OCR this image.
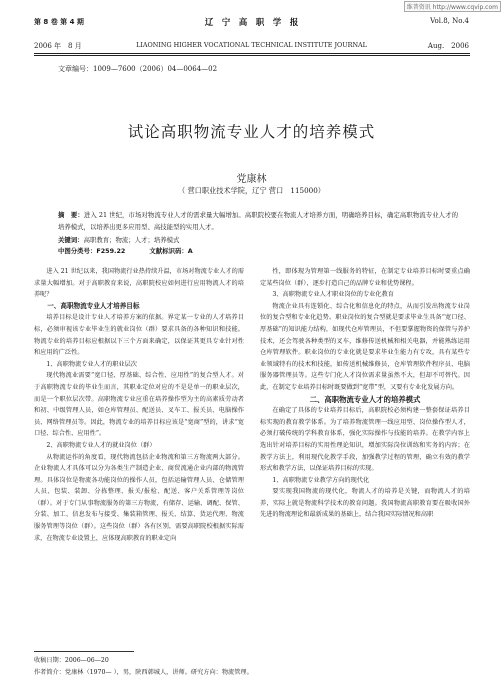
维普资讯 http://www.cqvip.com
第 8 卷 第 4 期	辽　宁　高　职　学　报	Vol.8, No.4
2006 年　8 月	LIAONING HIGHER VOCATIONAL TECHNICAL INSTITUTE JOURNAL	Aug.　2006
文章编号：1009—7600（2006）04—0064—02
试论高职物流专业人才的培养模式
党康林
（ 营口职业技术学院，辽宁 营口　115000）
摘　要：进入 21 世纪，市场对物流专业人才的需求量大幅增加。高职院校要在物流人才培养方面，明确培养目标，确定高职物流专业人才的培养模式，以培养出更多应用型、高技能型的实用人才。
关键词：高职教育；物流；人才；培养模式
中图分类号：F259.22	文献标识码：A

进入 21 世纪以来，我国物流行业热持续升温，市场对物流专业人才的需求量大幅增加。对于高职教育来说，高职院校应如何进行应用物流人才的培养呢？

一、高职物流专业人才培养目标

培养目标是设计专业人才培养方案的依据。界定某一专业的人才培养目标，必须审视该专业毕业生的就业岗位（群）要求具备的各种知识和技能。物流专业的培养目标应根据以下三个方面来确定，以保证其更具专业针对性和应用的广泛性。

1、高职物流专业人才的职业层次

现代物流业需要“宽口径、厚基础、综合性、应用性”的复合型人才。对于高职物流专业的毕业生而言，其职业定位对应的不是是单一的职业层次，而是一个职位层次带。高职物流专业应重在培养操作型为主的高素质劳动者和初、中级管理人员，如仓库管理员、配送员、叉车工、报关员、电脑操作员、网络管理员等。因此，物流专业的培养目标应该是“宽商”型的，讲求“宽口径、综合性、应用性”。

2、高职物流专业人才的就业岗位（群）

从物流运作的角度看，现代物流包括企业物流和第三方物流两大部分。企业物流人才具体可以分为各类生产制造企业、商贸流通企业内部的物流管理。具体岗位是物流各功能岗位的操作人员，包括运输管理人员、仓储管理人员、包装、装卸、分拣整理、报关/报检、配送、客户关系管理等岗位（群）。对于专门从事物流服务的第三方物流，有储存、运输、调配、保管、分装、加工、信息发布与接受、集装箱管理、报关、结算、货运代理、物流服务管理等岗位（群）。这些岗位（群）各有区别，需要高职院校根据实际需求，在物流专业设置上，应体现高职教育的职业定向

性，即体现为管理第一线服务的特征，在制定专业培养目标时要重点确定某些岗位（群），逐步打造自己的品牌专业和优势课程。

3、高职物流专业人才职业岗位的专业化教育

物流企业具有连锁化、综合化和信息化的特点，从而引发出物流专业岗位的复合型和专业化趋势。职业岗位的复合型就是要求毕业生具备“宽口径、厚基础”的知识能力结构，如现代仓库管理员，不但要掌握物资的保管与养护技术，还会驾驶各种类型的叉车，维修传送机械和相关电器，并能熟练运用仓库管理软件。职业岗位的专业化就是要求毕业生能力有专攻，具有某些专业领域特有的技术和技能，如传送机械维修员，仓库管理软件程序员、电脑服务器管理员等。这些专门化人才岗位需求量虽然不大，但却不可替代。因此，在制定专业培养目标时既要做到“宽带”型，又要有专业化发展方向。

二、高职物流专业人才的培养模式

在确定了具体的专业培养目标后，高职院校必须构建一整套保证培养目标实现的教育教学体系。为了培养物流管理一线应用型、岗位操作型人才，必须打破传统的学科教育体系，强化实际操作与技能的培养。在教学内容上选出针对培养目标的实用性理论知识，增加实际岗位训练和实务的内容；在教学方法上，利用现代化教学手段，加强教学过程的管理，确立有效的教学形式和教学方法，以保证培养目标的实现。

1、高职物流专业教学方向的现代化

要实现我国物流的现代化，物流人才的培养是关键，而物流人才的培养，实际上就是物流科学技术的教育问题。我国物流高职教育要在吸收国外先进的物流理论和最新成果的基础上，结合我国实际情况和高职

收稿日期：2006—06—20
作者简介：党康林（1970— ），男，陕西韩城人，讲师。研究方向：物流管理。
